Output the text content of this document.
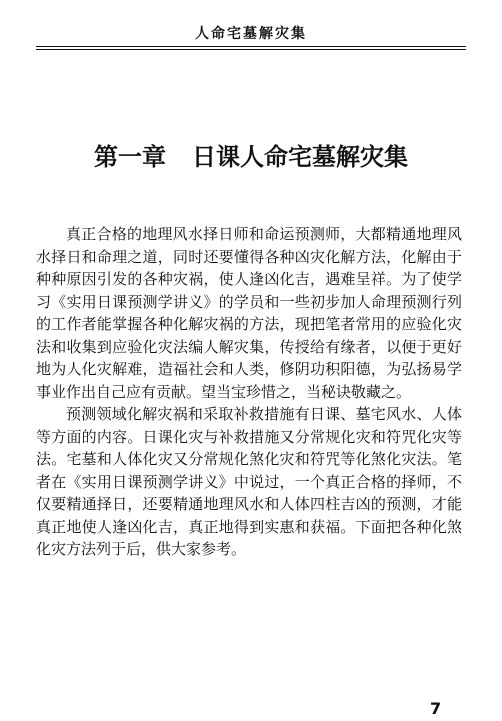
人命宅墓解灾集
第一章 日课人命宅墓解灾集

真正合格的地理风水择日师和命运预测师，大都精通地理风水择日和命理之道，同时还要懂得各种凶灾化解方法，化解由于种种原因引发的各种灾祸，使人逢凶化吉，遇难呈祥。为了使学习《实用日课预测学讲义》的学员和一些初步加人命理预测行列的工作者能掌握各种化解灾祸的方法，现把笔者常用的应验化灾法和收集到应验化灾法编人解灾集，传授给有缘者，以便于更好地为人化灾解难，造福社会和人类，修阴功积阳德，为弘扬易学事业作出自己应有贡献。望当宝珍惜之，当秘诀敬藏之。

预测领域化解灾祸和采取补救措施有日课、墓宅风水、人体等方面的内容。日课化灾与补救措施又分常规化灾和符咒化灾等法。宅墓和人体化灾又分常规化煞化灾和符咒等化煞化灾法。笔者在《实用日课预测学讲义》中说过，一个真正合格的择师，不仅要精通择日，还要精通地理风水和人体四柱吉凶的预测，才能真正地使人逢凶化吉，真正地得到实惠和获福。下面把各种化煞化灾方法列于后，供大家参考。

7
